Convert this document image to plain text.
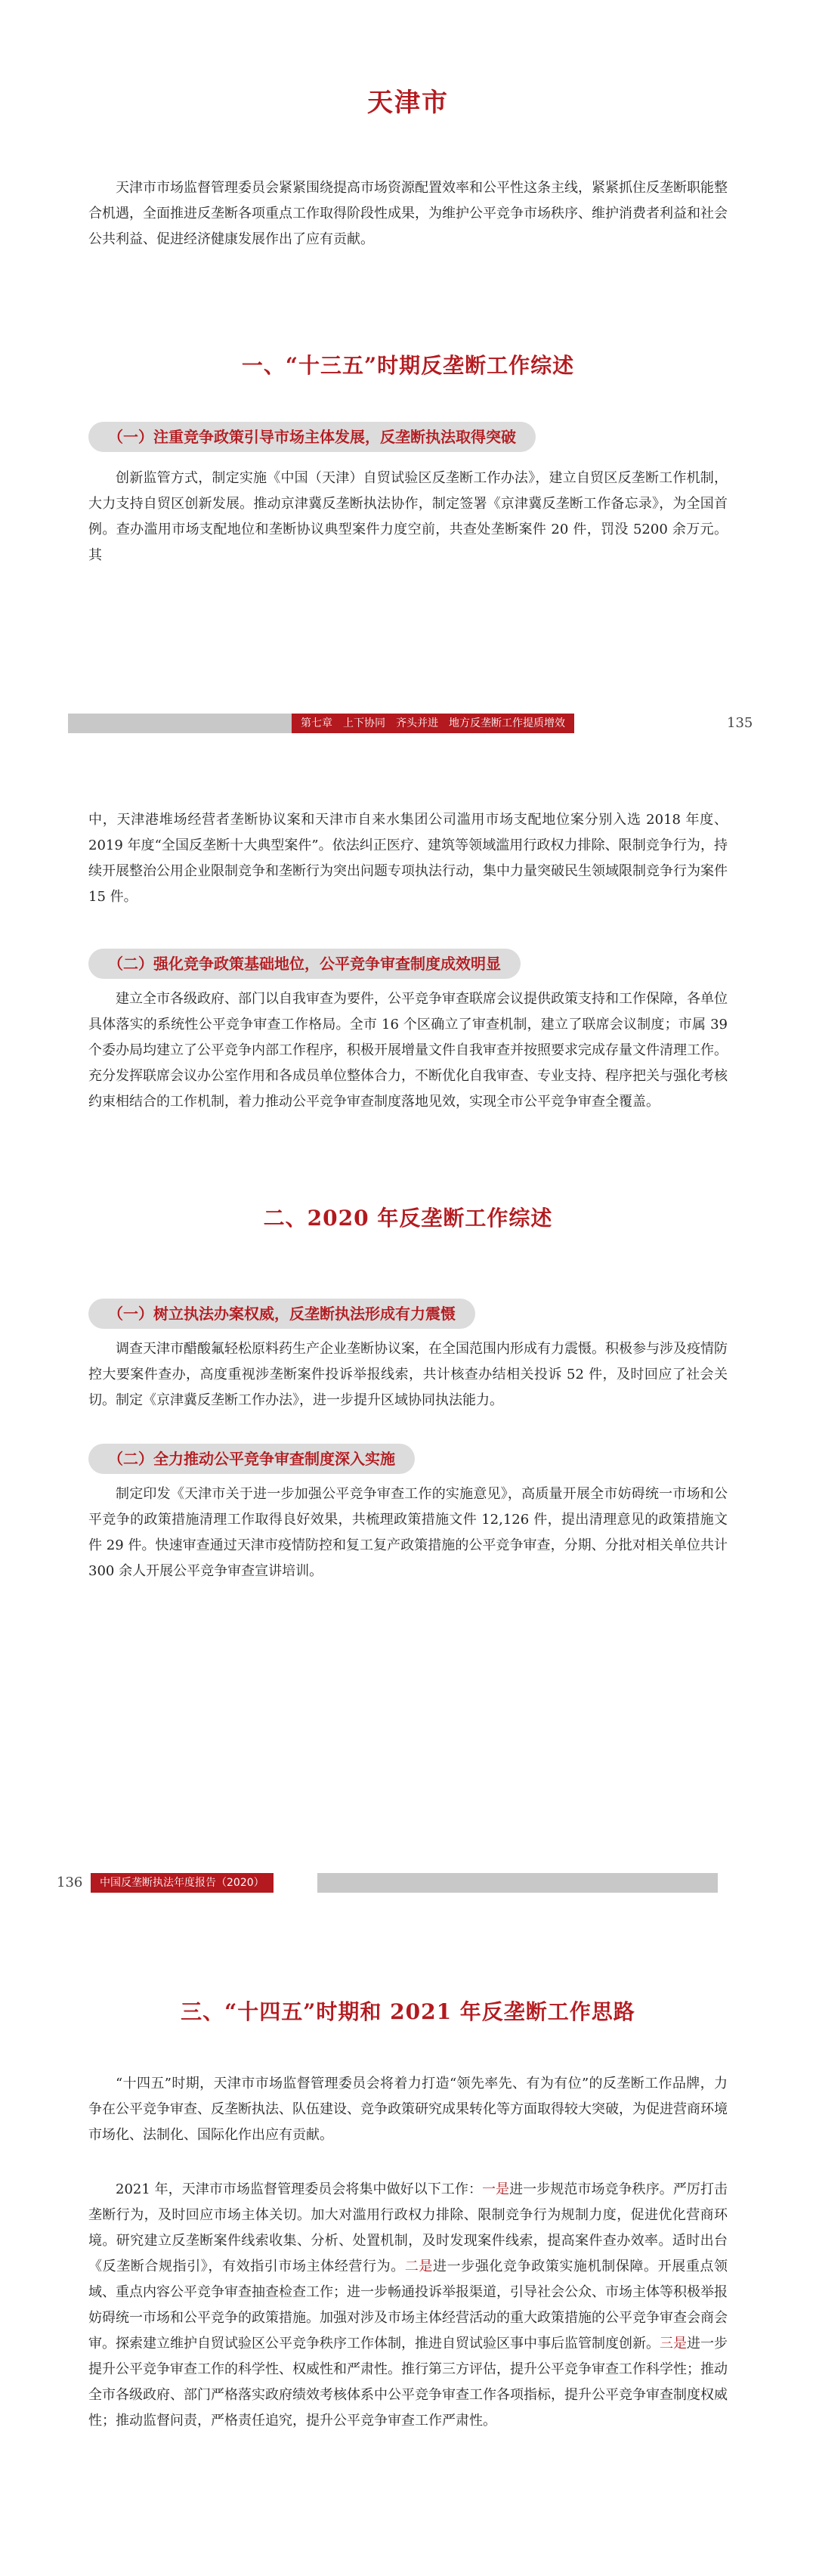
天津市

天津市市场监督管理委员会紧紧围绕提高市场资源配置效率和公平性这条主线，紧紧抓住反垄断职能整合机遇，全面推进反垄断各项重点工作取得阶段性成果，为维护公平竞争市场秩序、维护消费者利益和社会公共利益、促进经济健康发展作出了应有贡献。

一、“十三五”时期反垄断工作综述
（一）注重竞争政策引导市场主体发展，反垄断执法取得突破

创新监管方式，制定实施《中国（天津）自贸试验区反垄断工作办法》，建立自贸区反垄断工作机制，大力支持自贸区创新发展。推动京津冀反垄断执法协作，制定签署《京津冀反垄断工作备忘录》，为全国首例。查办滥用市场支配地位和垄断协议典型案件力度空前，共查处垄断案件 20 件，罚没 5200 余万元。其

第七章　上下协同　齐头并进　地方反垄断工作提质增效	135

中，天津港堆场经营者垄断协议案和天津市自来水集团公司滥用市场支配地位案分别入选 2018 年度、2019 年度“全国反垄断十大典型案件”。依法纠正医疗、建筑等领域滥用行政权力排除、限制竞争行为，持续开展整治公用企业限制竞争和垄断行为突出问题专项执法行动，集中力量突破民生领域限制竞争行为案件 15 件。

（二）强化竞争政策基础地位，公平竞争审查制度成效明显

建立全市各级政府、部门以自我审查为要件，公平竞争审查联席会议提供政策支持和工作保障，各单位具体落实的系统性公平竞争审查工作格局。全市 16 个区确立了审查机制，建立了联席会议制度；市属 39 个委办局均建立了公平竞争内部工作程序，积极开展增量文件自我审查并按照要求完成存量文件清理工作。充分发挥联席会议办公室作用和各成员单位整体合力，不断优化自我审查、专业支持、程序把关与强化考核约束相结合的工作机制，着力推动公平竞争审查制度落地见效，实现全市公平竞争审查全覆盖。

二、2020 年反垄断工作综述
（一）树立执法办案权威，反垄断执法形成有力震慑

调查天津市醋酸氟轻松原料药生产企业垄断协议案，在全国范围内形成有力震慑。积极参与涉及疫情防控大要案件查办，高度重视涉垄断案件投诉举报线索，共计核查办结相关投诉 52 件，及时回应了社会关切。制定《京津冀反垄断工作办法》，进一步提升区域协同执法能力。

（二）全力推动公平竞争审查制度深入实施

制定印发《天津市关于进一步加强公平竞争审查工作的实施意见》，高质量开展全市妨碍统一市场和公平竞争的政策措施清理工作取得良好效果，共梳理政策措施文件 12,126 件，提出清理意见的政策措施文件 29 件。快速审查通过天津市疫情防控和复工复产政策措施的公平竞争审查，分期、分批对相关单位共计 300 余人开展公平竞争审查宣讲培训。

136	中国反垄断执法年度报告（2020）
三、“十四五”时期和 2021 年反垄断工作思路

“十四五”时期，天津市市场监督管理委员会将着力打造“领先率先、有为有位”的反垄断工作品牌，力争在公平竞争审查、反垄断执法、队伍建设、竞争政策研究成果转化等方面取得较大突破，为促进营商环境市场化、法制化、国际化作出应有贡献。

2021 年，天津市市场监督管理委员会将集中做好以下工作：一是进一步规范市场竞争秩序。严厉打击垄断行为，及时回应市场主体关切。加大对滥用行政权力排除、限制竞争行为规制力度，促进优化营商环境。研究建立反垄断案件线索收集、分析、处置机制，及时发现案件线索，提高案件查办效率。适时出台《反垄断合规指引》，有效指引市场主体经营行为。二是进一步强化竞争政策实施机制保障。开展重点领域、重点内容公平竞争审查抽查检查工作；进一步畅通投诉举报渠道，引导社会公众、市场主体等积极举报妨碍统一市场和公平竞争的政策措施。加强对涉及市场主体经营活动的重大政策措施的公平竞争审查会商会审。探索建立维护自贸试验区公平竞争秩序工作体制，推进自贸试验区事中事后监管制度创新。三是进一步提升公平竞争审查工作的科学性、权威性和严肃性。推行第三方评估，提升公平竞争审查工作科学性；推动全市各级政府、部门严格落实政府绩效考核体系中公平竞争审查工作各项指标，提升公平竞争审查制度权威性；推动监督问责，严格责任追究，提升公平竞争审查工作严肃性。
